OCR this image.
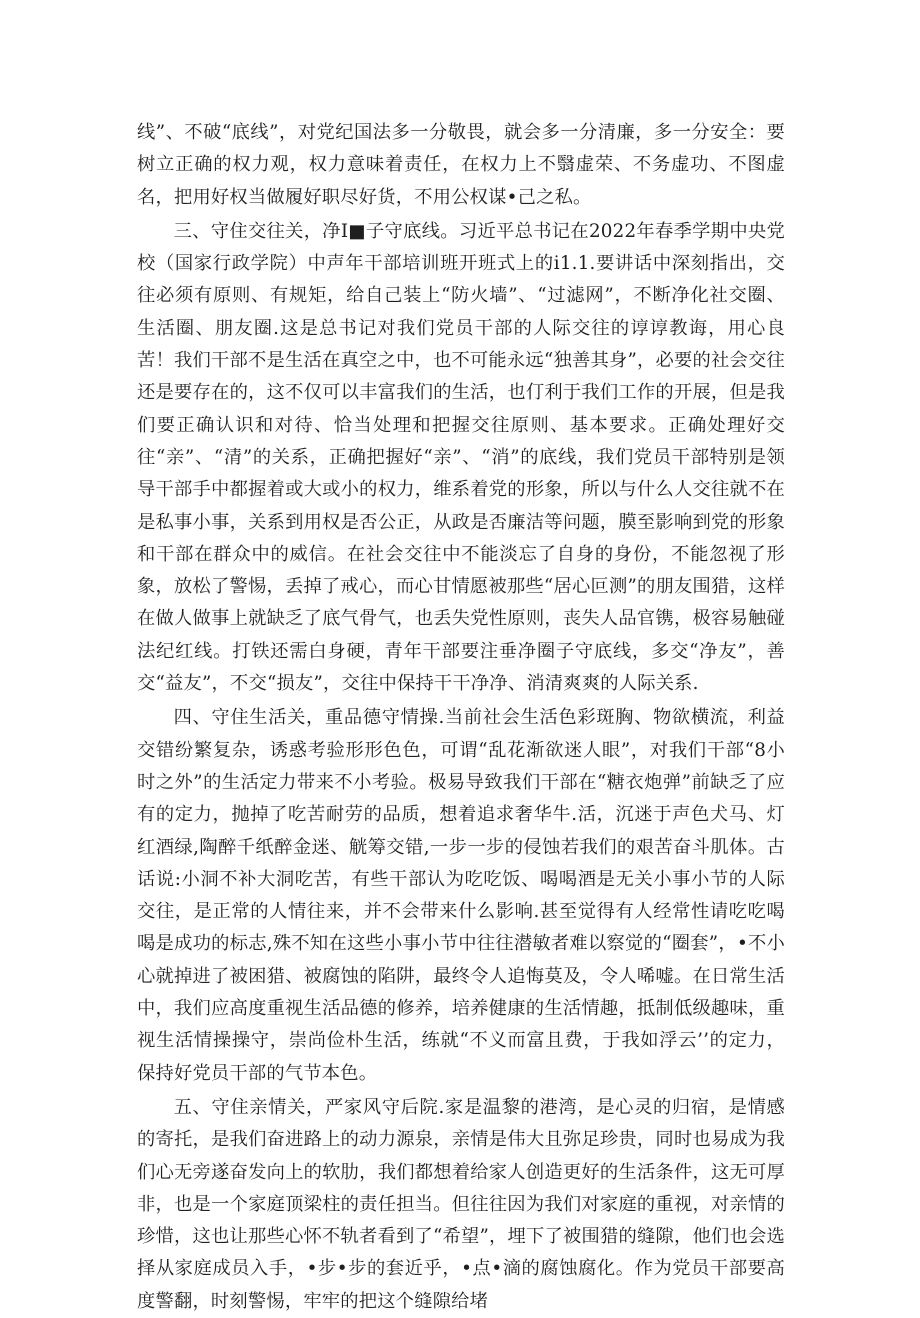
线”、不破“底线”，对党纪国法多一分敬畏，就会多一分清廉，多一分安全：要树立正确的权力观，权力意味着责任，在权力上不翳虚荣、不务虚功、不图虚名，把用好权当做履好职尽好货，不用公权谋•己之私。

三、守住交往关，净I■子守底线。习近平总书记在2022年春季学期中央党校（国家行政学院）中声年干部培训班开班式上的i1.1.要讲话中深刻指出，交往必须有原则、有规矩，给自己装上“防火墙”、“过滤网”，不断净化社交圈、生活圈、朋友圈.这是总书记对我们党员干部的人际交往的谆谆教诲，用心良苦！我们干部不是生活在真空之中，也不可能永远“独善其身”，必要的社会交往还是要存在的，这不仅可以丰富我们的生活，也仃利于我们工作的开展，但是我们要正确认识和对待、恰当处理和把握交往原则、基本要求。正确处理好交往“亲”、“清”的关系，正确把握好“亲”、“消”的底线，我们党员干部特别是领导干部手中都握着或大或小的权力，维系着党的形象，所以与什么人交往就不在是私事小事，关系到用权是否公正，从政是否廉洁等问题，膜至影响到党的形象和干部在群众中的威信。在社会交往中不能淡忘了自身的身份，不能忽视了形象，放松了警惕，丢掉了戒心，而心甘情愿被那些“居心叵测”的朋友围猎，这样在做人做事上就缺乏了底气骨气，也丢失党性原则，丧失人品官镌，极容易触碰法纪红线。打铁还需白身硬，青年干部要注垂净圈子守底线，多交“净友”，善交“益友”，不交“损友”，交往中保持干干净净、消清爽爽的人际关系.

四、守住生活关，重品德守情操.当前社会生活色彩斑胸、物欲横流，利益交错纷繁复杂，诱惑考验形形色色，可谓“乱花渐欲迷人眼”，对我们干部“8小时之外”的生活定力带来不小考验。极易导致我们干部在“糖衣炮弹”前缺乏了应有的定力，抛掉了吃苦耐劳的品质，想着追求奢华牛.活，沉迷于声色犬马、灯红酒绿,陶醉千纸醉金迷、觥筹交错,一步一步的侵蚀若我们的艰苦奋斗肌体。古话说:小洞不补大洞吃苦，有些干部认为吃吃饭、喝喝酒是无关小事小节的人际交往，是正常的人情往来，并不会带来什么影响.甚至觉得有人经常性请吃吃喝喝是成功的标志,殊不知在这些小事小节中往往潜敏者难以察觉的“圈套”，•不小心就掉进了被困猎、被腐蚀的陷阱，最终令人追悔莫及，令人唏嘘。在日常生活中，我们应高度重视生活品德的修养，培养健康的生活情趣，抵制低级趣味，重视生活情操操守，崇尚俭朴生活，练就“不义而富且费，于我如浮云’’的定力，保持好党员干部的气节本色。

五、守住亲情关，严家风守后院.家是温黎的港湾，是心灵的归宿，是情感的寄托，是我们奋进路上的动力源泉，亲情是伟大且弥足珍贵，同时也易成为我们心无旁遂奋发向上的软肋，我们都想着给家人创造更好的生活条件，这无可厚非，也是一个家庭顶梁柱的责任担当。但往往因为我们对家庭的重视，对亲情的珍惜，这也让那些心怀不轨者看到了“希望”，埋下了被围猎的缝隙，他们也会选择从家庭成员入手，•步•步的套近乎，•点•滴的腐蚀腐化。作为党员干部要高度警翻，时刻警惕，牢牢的把这个缝隙给堵
